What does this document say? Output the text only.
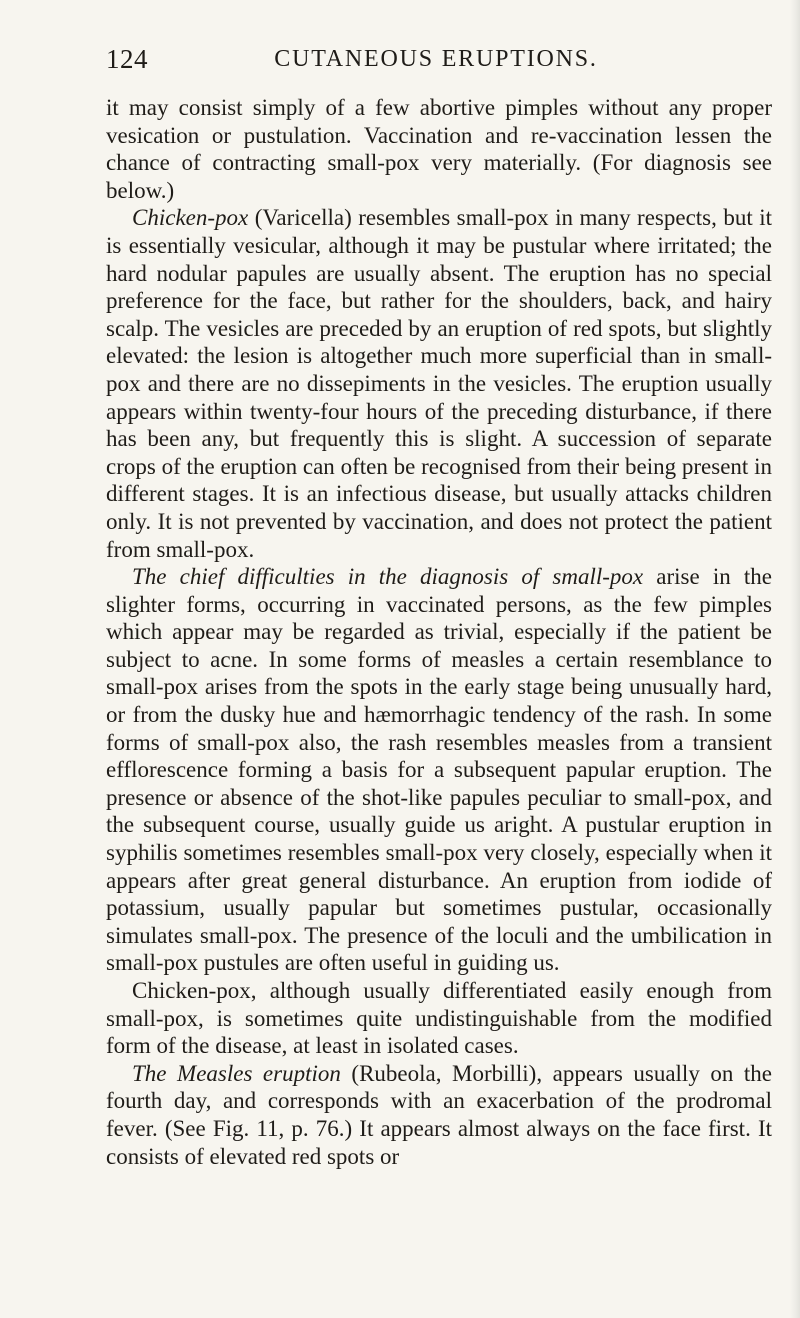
124	CUTANEOUS ERUPTIONS.

it may consist simply of a few abortive pimples without any proper vesication or pustulation. Vaccination and re-vaccination lessen the chance of contracting small-pox very materially. (For diagnosis see below.)

Chicken-pox (Varicella) resembles small-pox in many respects, but it is essentially vesicular, although it may be pustular where irritated; the hard nodular papules are usually absent. The eruption has no special preference for the face, but rather for the shoulders, back, and hairy scalp. The vesicles are preceded by an eruption of red spots, but slightly elevated: the lesion is altogether much more superficial than in small-pox and there are no dissepiments in the vesicles. The eruption usually appears within twenty-four hours of the preceding disturbance, if there has been any, but frequently this is slight. A succession of separate crops of the eruption can often be recognised from their being present in different stages. It is an infectious disease, but usually attacks children only. It is not prevented by vaccination, and does not protect the patient from small-pox.

The chief difficulties in the diagnosis of small-pox arise in the slighter forms, occurring in vaccinated persons, as the few pimples which appear may be regarded as trivial, especially if the patient be subject to acne. In some forms of measles a certain resemblance to small-pox arises from the spots in the early stage being unusually hard, or from the dusky hue and hæmorrhagic tendency of the rash. In some forms of small-pox also, the rash resembles measles from a transient efflorescence forming a basis for a subsequent papular eruption. The presence or absence of the shot-like papules peculiar to small-pox, and the subsequent course, usually guide us aright. A pustular eruption in syphilis sometimes resembles small-pox very closely, especially when it appears after great general disturbance. An eruption from iodide of potassium, usually papular but sometimes pustular, occasionally simulates small-pox. The presence of the loculi and the umbilication in small-pox pustules are often useful in guiding us.

Chicken-pox, although usually differentiated easily enough from small-pox, is sometimes quite undistinguishable from the modified form of the disease, at least in isolated cases.

The Measles eruption (Rubeola, Morbilli), appears usually on the fourth day, and corresponds with an exacerbation of the prodromal fever. (See Fig. 11, p. 76.) It appears almost always on the face first. It consists of elevated red spots or
